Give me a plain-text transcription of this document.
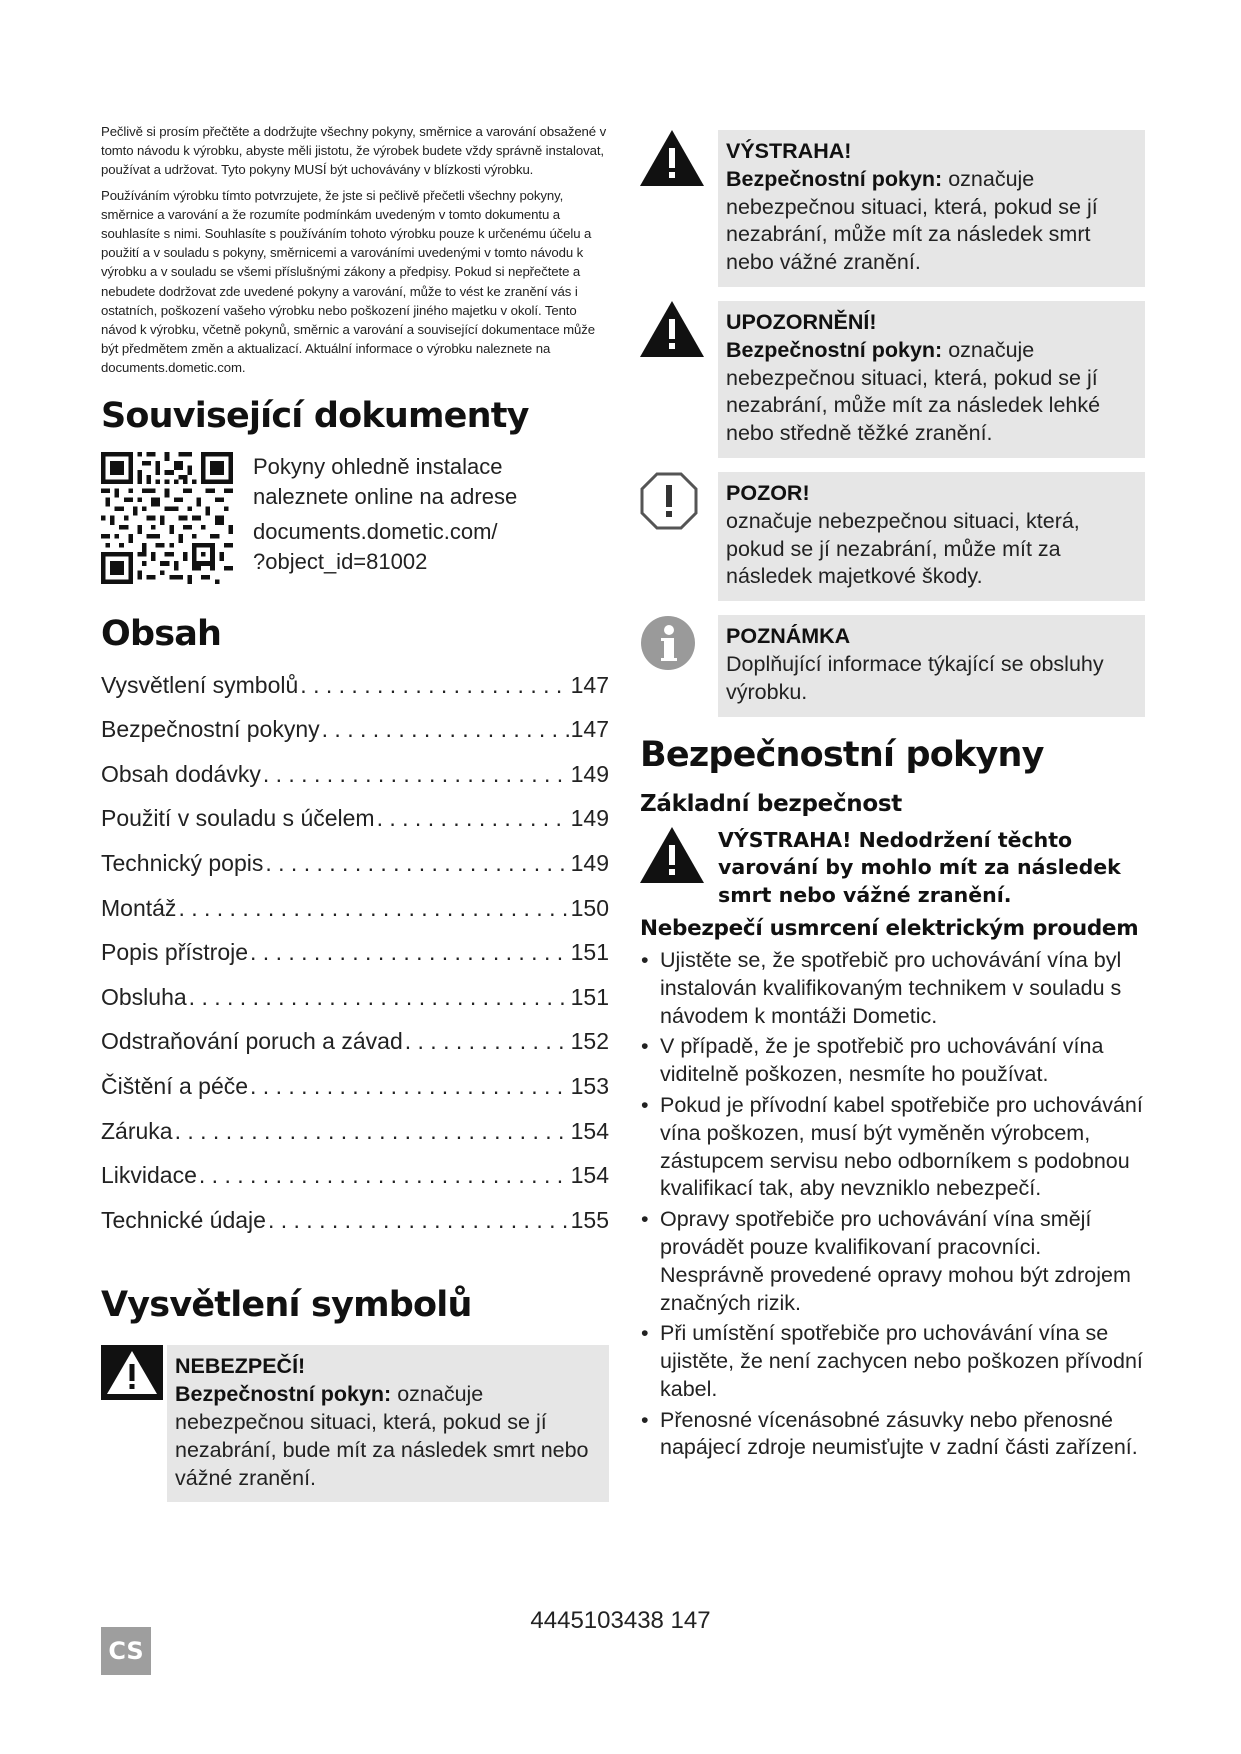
Pečlivě si prosím přečtěte a dodržujte všechny pokyny, směrnice a varování obsažené v tomto návodu k výrobku, abyste měli jistotu, že výrobek budete vždy správně instalovat, používat a udržovat. Tyto pokyny MUSÍ být uchovávány v blízkosti výrobku.

Používáním výrobku tímto potvrzujete, že jste si pečlivě přečetli všechny pokyny, směrnice a varování a že rozumíte podmínkám uvedeným v tomto dokumentu a souhlasíte s nimi. Souhlasíte s používáním tohoto výrobku pouze k určenému účelu a použití a v souladu s pokyny, směrnicemi a varováními uvedenými v tomto návodu k výrobku a v souladu se všemi příslušnými zákony a předpisy. Pokud si nepřečtete a nebudete dodržovat zde uvedené pokyny a varování, může to vést ke zranění vás i ostatních, poškození vašeho výrobku nebo poškození jiného majetku v okolí. Tento návod k výrobku, včetně pokynů, směrnic a varování a související dokumentace může být předmětem změn a aktualizací. Aktuální informace o výrobku naleznete na documents.dometic.com.

Související dokumenty
Pokyny ohledně instalace
naleznete online na adrese
documents.dometic.com/
?object_id=81002
Obsah
Vysvětlení symbolů . . .	147
Bezpečnostní pokyny . . .	147
Obsah dodávky . . .	149
Použití v souladu s účelem . . .	149
Technický popis . . .	149
Montáž . . .	150
Popis přístroje . . .	151
Obsluha . . .	151
Odstraňování poruch a závad . . .	152
Čištění a péče . . .	153
Záruka . . .	154
Likvidace . . .	154
Technické údaje . . .	155
Vysvětlení symbolů
NEBEZPEČÍ!
Bezpečnostní pokyn: označuje nebezpečnou situaci, která, pokud se jí nezabrání, bude mít za následek smrt nebo vážné zranění.
VÝSTRAHA!
Bezpečnostní pokyn: označuje nebezpečnou situaci, která, pokud se jí nezabrání, může mít za následek smrt nebo vážné zranění.
UPOZORNĚNÍ!
Bezpečnostní pokyn: označuje nebezpečnou situaci, která, pokud se jí nezabrání, může mít za následek lehké nebo středně těžké zranění.
POZOR!
označuje nebezpečnou situaci, která, pokud se jí nezabrání, může mít za následek majetkové škody.
POZNÁMKA
Doplňující informace týkající se obsluhy výrobku.
Bezpečnostní pokyny
Základní bezpečnost
VÝSTRAHA! Nedodržení těchto varování by mohlo mít za následek smrt nebo vážné zranění.
Nebezpečí usmrcení elektrickým proudem
• Ujistěte se, že spotřebič pro uchovávání vína byl instalován kvalifikovaným technikem v souladu s návodem k montáži Dometic.
• V případě, že je spotřebič pro uchovávání vína viditelně poškozen, nesmíte ho používat.
• Pokud je přívodní kabel spotřebiče pro uchovávání vína poškozen, musí být vyměněn výrobcem, zástupcem servisu nebo odborníkem s podobnou kvalifikací tak, aby nevzniklo nebezpečí.
• Opravy spotřebiče pro uchovávání vína smějí provádět pouze kvalifikovaní pracovníci. Nesprávně provedené opravy mohou být zdrojem značných rizik.
• Při umístění spotřebiče pro uchovávání vína se ujistěte, že není zachycen nebo poškozen přívodní kabel.
• Přenosné vícenásobné zásuvky nebo přenosné napájecí zdroje neumisťujte v zadní části zařízení.
CS
4445103438 147
